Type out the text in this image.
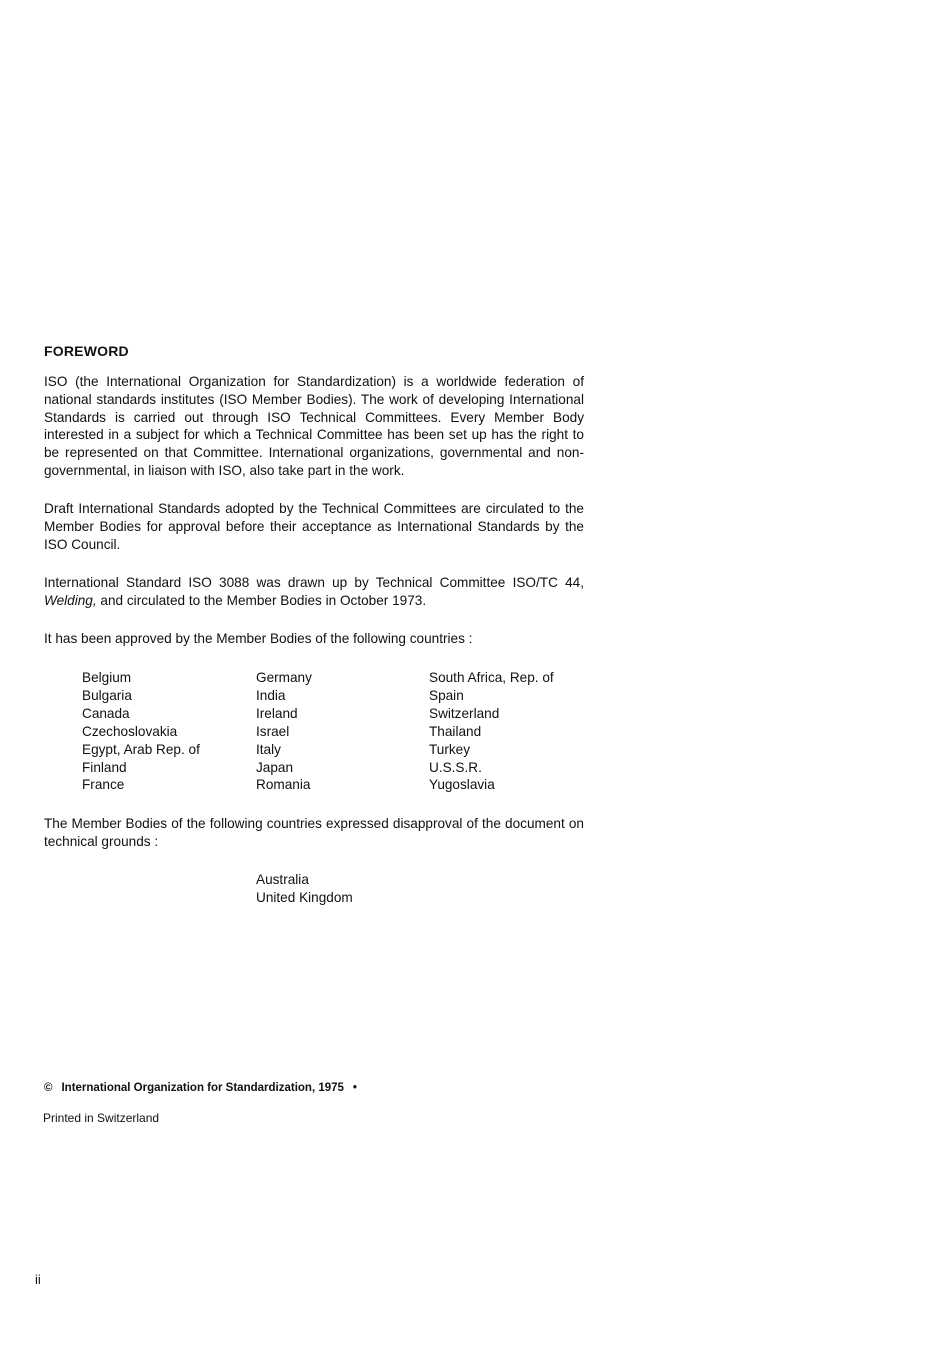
FOREWORD
ISO (the International Organization for Standardization) is a worldwide federation of national standards institutes (ISO Member Bodies). The work of developing International Standards is carried out through ISO Technical Committees. Every Member Body interested in a subject for which a Technical Committee has been set up has the right to be represented on that Committee. International organizations, governmental and non-governmental, in liaison with ISO, also take part in the work.
Draft International Standards adopted by the Technical Committees are circulated to the Member Bodies for approval before their acceptance as International Standards by the ISO Council.
International Standard ISO 3088 was drawn up by Technical Committee ISO/TC 44, Welding, and circulated to the Member Bodies in October 1973.
It has been approved by the Member Bodies of the following countries :
Belgium
Bulgaria
Canada
Czechoslovakia
Egypt, Arab Rep. of
Finland
France
Germany
India
Ireland
Israel
Italy
Japan
Romania
South Africa, Rep. of
Spain
Switzerland
Thailand
Turkey
U.S.S.R.
Yugoslavia
The Member Bodies of the following countries expressed disapproval of the document on technical grounds :
Australia
United Kingdom
© International Organization for Standardization, 1975 •
Printed in Switzerland
ii
